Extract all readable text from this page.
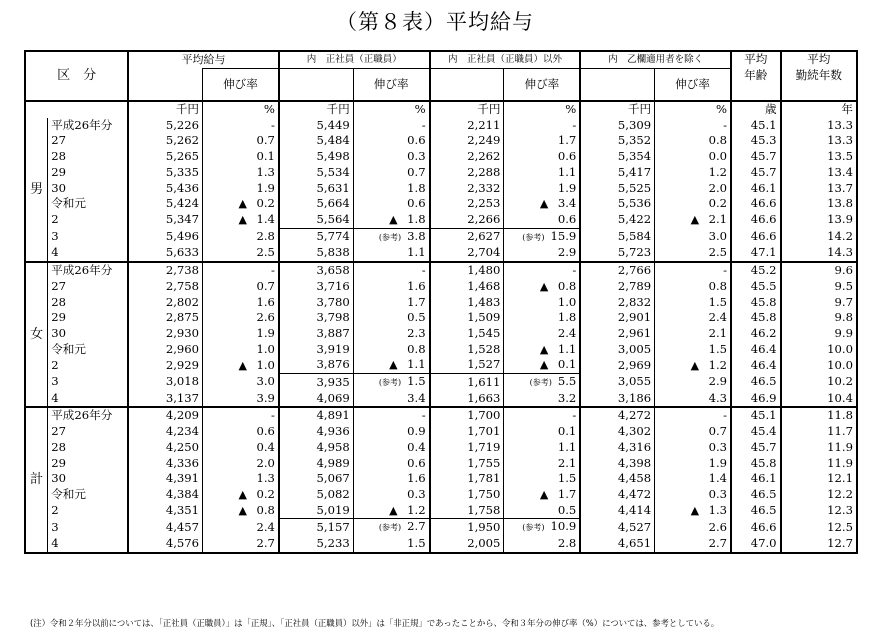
（第８表）平均給与
区　分		平均給与		内　正社員（正職員）		内　正社員（正職員）以外		内　乙欄適用者を除く		平均	平均
			伸び率		伸び率		伸び率		伸び率	年齢	勤続年数

		千円	%	千円	%	千円	%	千円	%	歳	年
男	平成26年分	5,226	-	5,449	-	2,211	-	5,309	-	45.1	13.3
	27	5,262	0.7	5,484	0.6	2,249	1.7	5,352	0.8	45.3	13.3
	28	5,265	0.1	5,498	0.3	2,262	0.6	5,354	0.0	45.7	13.5
	29	5,335	1.3	5,534	0.7	2,288	1.1	5,417	1.2	45.7	13.4
	30	5,436	1.9	5,631	1.8	2,332	1.9	5,525	2.0	46.1	13.7
	令和元	5,424	▲ 0.2	5,664	0.6	2,253	▲ 3.4	5,536	0.2	46.6	13.8
	2	5,347	▲ 1.4	5,564	▲ 1.8	2,266	0.6	5,422	▲ 2.1	46.6	13.9
	3	5,496	2.8	5,774	(参考) 3.8	2,627	(参考) 15.9	5,584	3.0	46.6	14.2
	4	5,633	2.5	5,838	1.1	2,704	2.9	5,723	2.5	47.1	14.3
女	平成26年分	2,738	-	3,658	-	1,480	-	2,766	-	45.2	9.6
	27	2,758	0.7	3,716	1.6	1,468	▲ 0.8	2,789	0.8	45.5	9.5
	28	2,802	1.6	3,780	1.7	1,483	1.0	2,832	1.5	45.8	9.7
	29	2,875	2.6	3,798	0.5	1,509	1.8	2,901	2.4	45.8	9.8
	30	2,930	1.9	3,887	2.3	1,545	2.4	2,961	2.1	46.2	9.9
	令和元	2,960	1.0	3,919	0.8	1,528	▲ 1.1	3,005	1.5	46.4	10.0
	2	2,929	▲ 1.0	3,876	▲ 1.1	1,527	▲ 0.1	2,969	▲ 1.2	46.4	10.0
	3	3,018	3.0	3,935	(参考) 1.5	1,611	(参考) 5.5	3,055	2.9	46.5	10.2
	4	3,137	3.9	4,069	3.4	1,663	3.2	3,186	4.3	46.9	10.4
計	平成26年分	4,209	-	4,891	-	1,700	-	4,272	-	45.1	11.8
	27	4,234	0.6	4,936	0.9	1,701	0.1	4,302	0.7	45.4	11.7
	28	4,250	0.4	4,958	0.4	1,719	1.1	4,316	0.3	45.7	11.9
	29	4,336	2.0	4,989	0.6	1,755	2.1	4,398	1.9	45.8	11.9
	30	4,391	1.3	5,067	1.6	1,781	1.5	4,458	1.4	46.1	12.1
	令和元	4,384	▲ 0.2	5,082	0.3	1,750	▲ 1.7	4,472	0.3	46.5	12.2
	2	4,351	▲ 0.8	5,019	▲ 1.2	1,758	0.5	4,414	▲ 1.3	46.5	12.3
	3	4,457	2.4	5,157	(参考) 2.7	1,950	(参考) 10.9	4,527	2.6	46.6	12.5
	4	4,576	2.7	5,233	1.5	2,005	2.8	4,651	2.7	47.0	12.7
(注）令和２年分以前については、「正社員（正職員）」は「正規」、「正社員（正職員）以外」は「非正規」であったことから、令和３年分の伸び率（%）については、参考としている。
